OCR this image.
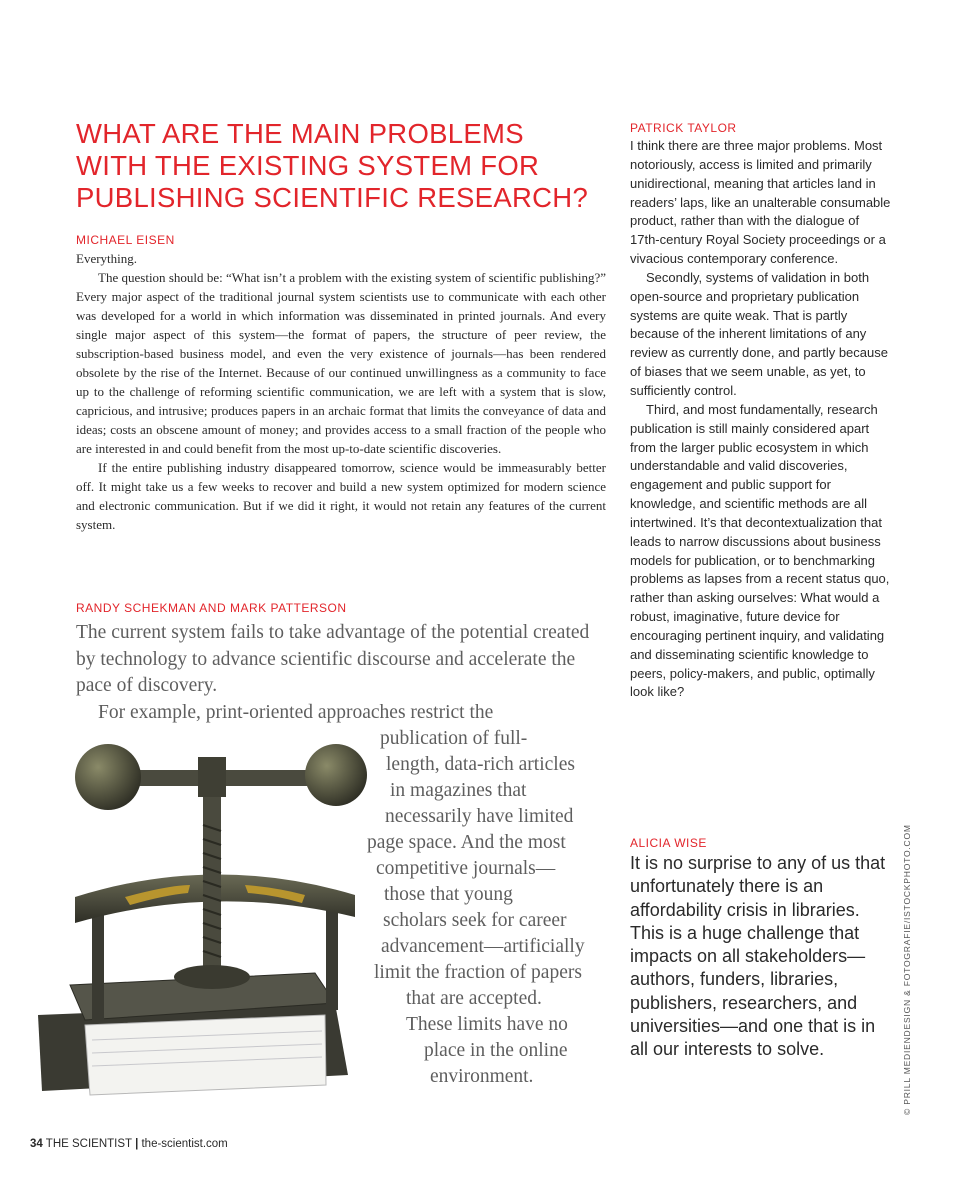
WHAT ARE THE MAIN PROBLEMS
WITH THE EXISTING SYSTEM FOR
PUBLISHING SCIENTIFIC RESEARCH?
MICHAEL EISEN

Everything.

The question should be: “What isn’t a problem with the existing system of scientific publishing?” Every major aspect of the traditional journal system scientists use to communicate with each other was developed for a world in which information was disseminated in printed journals. And every single major aspect of this system—the format of papers, the structure of peer review, the subscription-based business model, and even the very existence of journals—has been rendered obsolete by the rise of the Internet. Because of our continued unwillingness as a community to face up to the challenge of reforming scientific communication, we are left with a system that is slow, capricious, and intrusive; produces papers in an archaic format that limits the conveyance of data and ideas; costs an obscene amount of money; and provides access to a small fraction of the people who are interested in and could benefit from the most up-to-date scientific discoveries.

If the entire publishing industry disappeared tomorrow, science would be immeasurably better off. It might take us a few weeks to recover and build a new system optimized for modern science and electronic communication. But if we did it right, it would not retain any features of the current system.

RANDY SCHEKMAN AND MARK PATTERSON
The current system fails to take advantage of the potential created by technology to advance scientific discourse and accelerate the pace of discovery.
For example, print-oriented approaches restrict the
publication of full-
length, data-rich articles
in magazines that
necessarily have limited
page space. And the most
competitive journals—
those that young
scholars seek for career
advancement—artificially
limit the fraction of papers
that are accepted.
These limits have no
place in the online
environment.
PATRICK TAYLOR

I think there are three major problems. Most notoriously, access is limited and primarily unidirectional, meaning that articles land in readers’ laps, like an unalterable consumable product, rather than with the dialogue of 17th-century Royal Society proceedings or a vivacious contemporary conference.

Secondly, systems of validation in both open-source and proprietary publication systems are quite weak. That is partly because of the inherent limitations of any review as currently done, and partly because of biases that we seem unable, as yet, to sufficiently control.

Third, and most fundamentally, research publication is still mainly considered apart from the larger public ecosystem in which understandable and valid discoveries, engagement and public support for knowledge, and scientific methods are all intertwined. It’s that decontextualization that leads to narrow discussions about business models for publication, or to benchmarking problems as lapses from a recent status quo, rather than asking ourselves: What would a robust, imaginative, future device for encouraging pertinent inquiry, and validating and disseminating scientific knowledge to peers, policy-makers, and public, optimally look like?

ALICIA WISE
It is no surprise to any of us that unfortunately there is an affordability crisis in libraries. This is a huge challenge that impacts on all stakeholders—authors, funders, libraries, publishers, researchers, and universities—and one that is in all our interests to solve.	© PRILL MEDIENDESIGN & FOTOGRAFIE/ISTOCKPHOTO.COM
34 THE SCIENTIST | the-scientist.com
